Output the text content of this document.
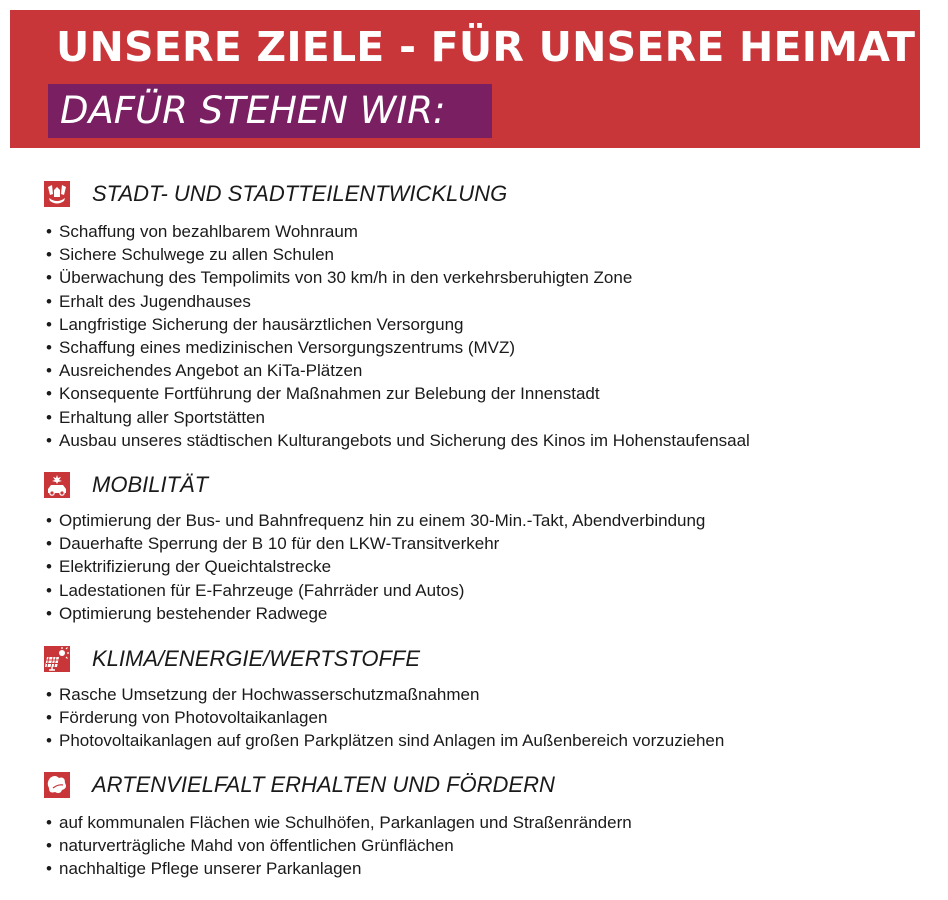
UNSERE ZIELE - FÜR UNSERE HEIMAT
DAFÜR STEHEN WIR:
STADT- UND STADTTEILENTWICKLUNG
• Schaffung von bezahlbarem Wohnraum
• Sichere Schulwege zu allen Schulen
• Überwachung des Tempolimits von 30 km/h in den verkehrsberuhigten Zone
• Erhalt des Jugendhauses
• Langfristige Sicherung der hausärztlichen Versorgung
• Schaffung eines medizinischen Versorgungszentrums (MVZ)
• Ausreichendes Angebot an KiTa-Plätzen
• Konsequente Fortführung der Maßnahmen zur Belebung der Innenstadt
• Erhaltung aller Sportstätten
• Ausbau unseres städtischen Kulturangebots und Sicherung des Kinos im Hohenstaufensaal
MOBILITÄT
• Optimierung der Bus- und Bahnfrequenz hin zu einem 30-Min.-Takt, Abendverbindung
• Dauerhafte Sperrung der B 10 für den LKW-Transitverkehr
• Elektrifizierung der Queichtalstrecke
• Ladestationen für E-Fahrzeuge (Fahrräder und Autos)
• Optimierung bestehender Radwege
KLIMA/ENERGIE/WERTSTOFFE
• Rasche Umsetzung der Hochwasserschutzmaßnahmen
• Förderung von Photovoltaikanlagen
• Photovoltaikanlagen auf großen Parkplätzen sind Anlagen im Außenbereich vorzuziehen
ARTENVIELFALT ERHALTEN UND FÖRDERN
• auf kommunalen Flächen wie Schulhöfen, Parkanlagen und Straßenrändern
• naturverträgliche Mahd von öffentlichen Grünflächen
• nachhaltige Pflege unserer Parkanlagen
